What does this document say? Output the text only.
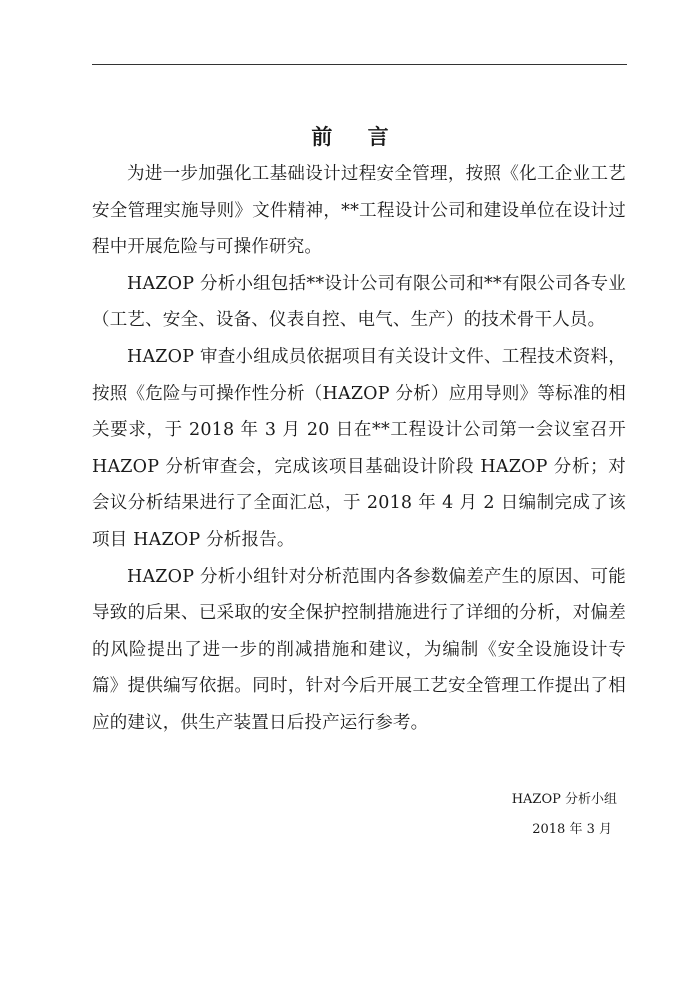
前 言

为进一步加强化工基础设计过程安全管理，按照《化工企业工艺安全管理实施导则》文件精神，**工程设计公司和建设单位在设计过程中开展危险与可操作研究。

HAZOP 分析小组包括**设计公司有限公司和**有限公司各专业（工艺、安全、设备、仪表自控、电气、生产）的技术骨干人员。

HAZOP 审查小组成员依据项目有关设计文件、工程技术资料，按照《危险与可操作性分析（HAZOP 分析）应用导则》等标准的相关要求，于 2018 年 3 月 20 日在**工程设计公司第一会议室召开 HAZOP 分析审查会，完成该项目基础设计阶段 HAZOP 分析；对会议分析结果进行了全面汇总，于 2018 年 4 月 2 日编制完成了该项目 HAZOP 分析报告。

HAZOP 分析小组针对分析范围内各参数偏差产生的原因、可能导致的后果、已采取的安全保护控制措施进行了详细的分析，对偏差的风险提出了进一步的削减措施和建议，为编制《安全设施设计专篇》提供编写依据。同时，针对今后开展工艺安全管理工作提出了相应的建议，供生产装置日后投产运行参考。

HAZOP 分析小组
2018 年 3 月
